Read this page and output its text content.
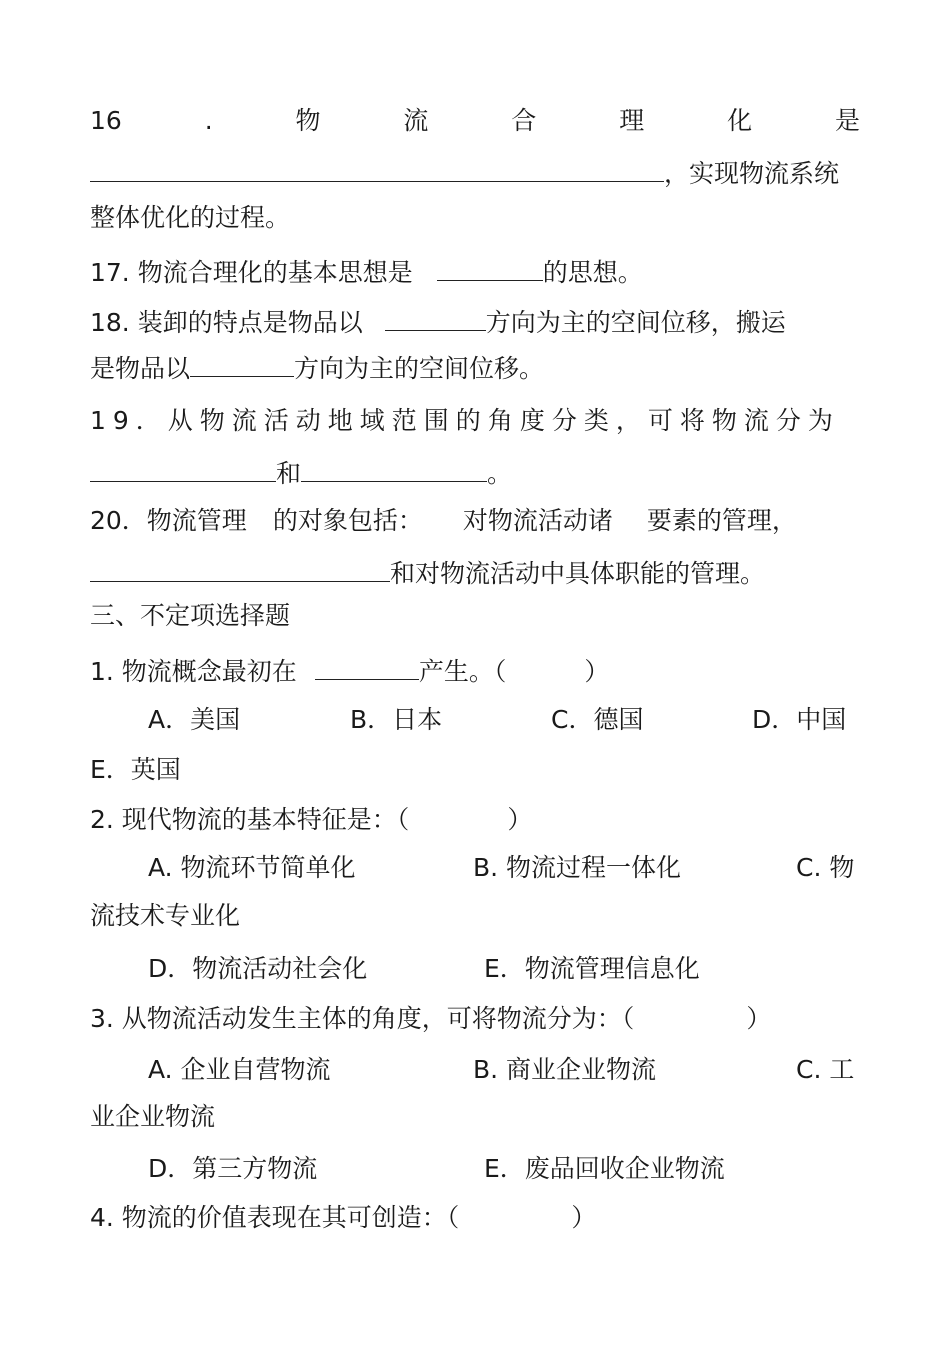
16	.	物	流	合	理	化	是
，实现物流系统
整体优化的过程。
17. 物流合理化的基本思想是	的思想。
18. 装卸的特点是物品以	方向为主的空间位移，搬运
是物品以	方向为主的空间位移。
19．从物流活动地域范围的角度分类，可将物流分为
和	。
20．物流管理 的对象包括： 对物流活动诸 要素的管理，
和对物流活动中具体职能的管理。
三、不定项选择题
1. 物流概念最初在	产生。（	）
A．美国	B．日本	C．德国	D．中国
E．英国
2. 现代物流的基本特征是：（	）
A. 物流环节简单化	B. 物流过程一体化	C. 物
流技术专业化
D．物流活动社会化	E．物流管理信息化
3. 从物流活动发生主体的角度，可将物流分为：（	）
A. 企业自营物流	B. 商业企业物流	C. 工
业企业物流
D．第三方物流	E．废品回收企业物流
4. 物流的价值表现在其可创造：（	）
